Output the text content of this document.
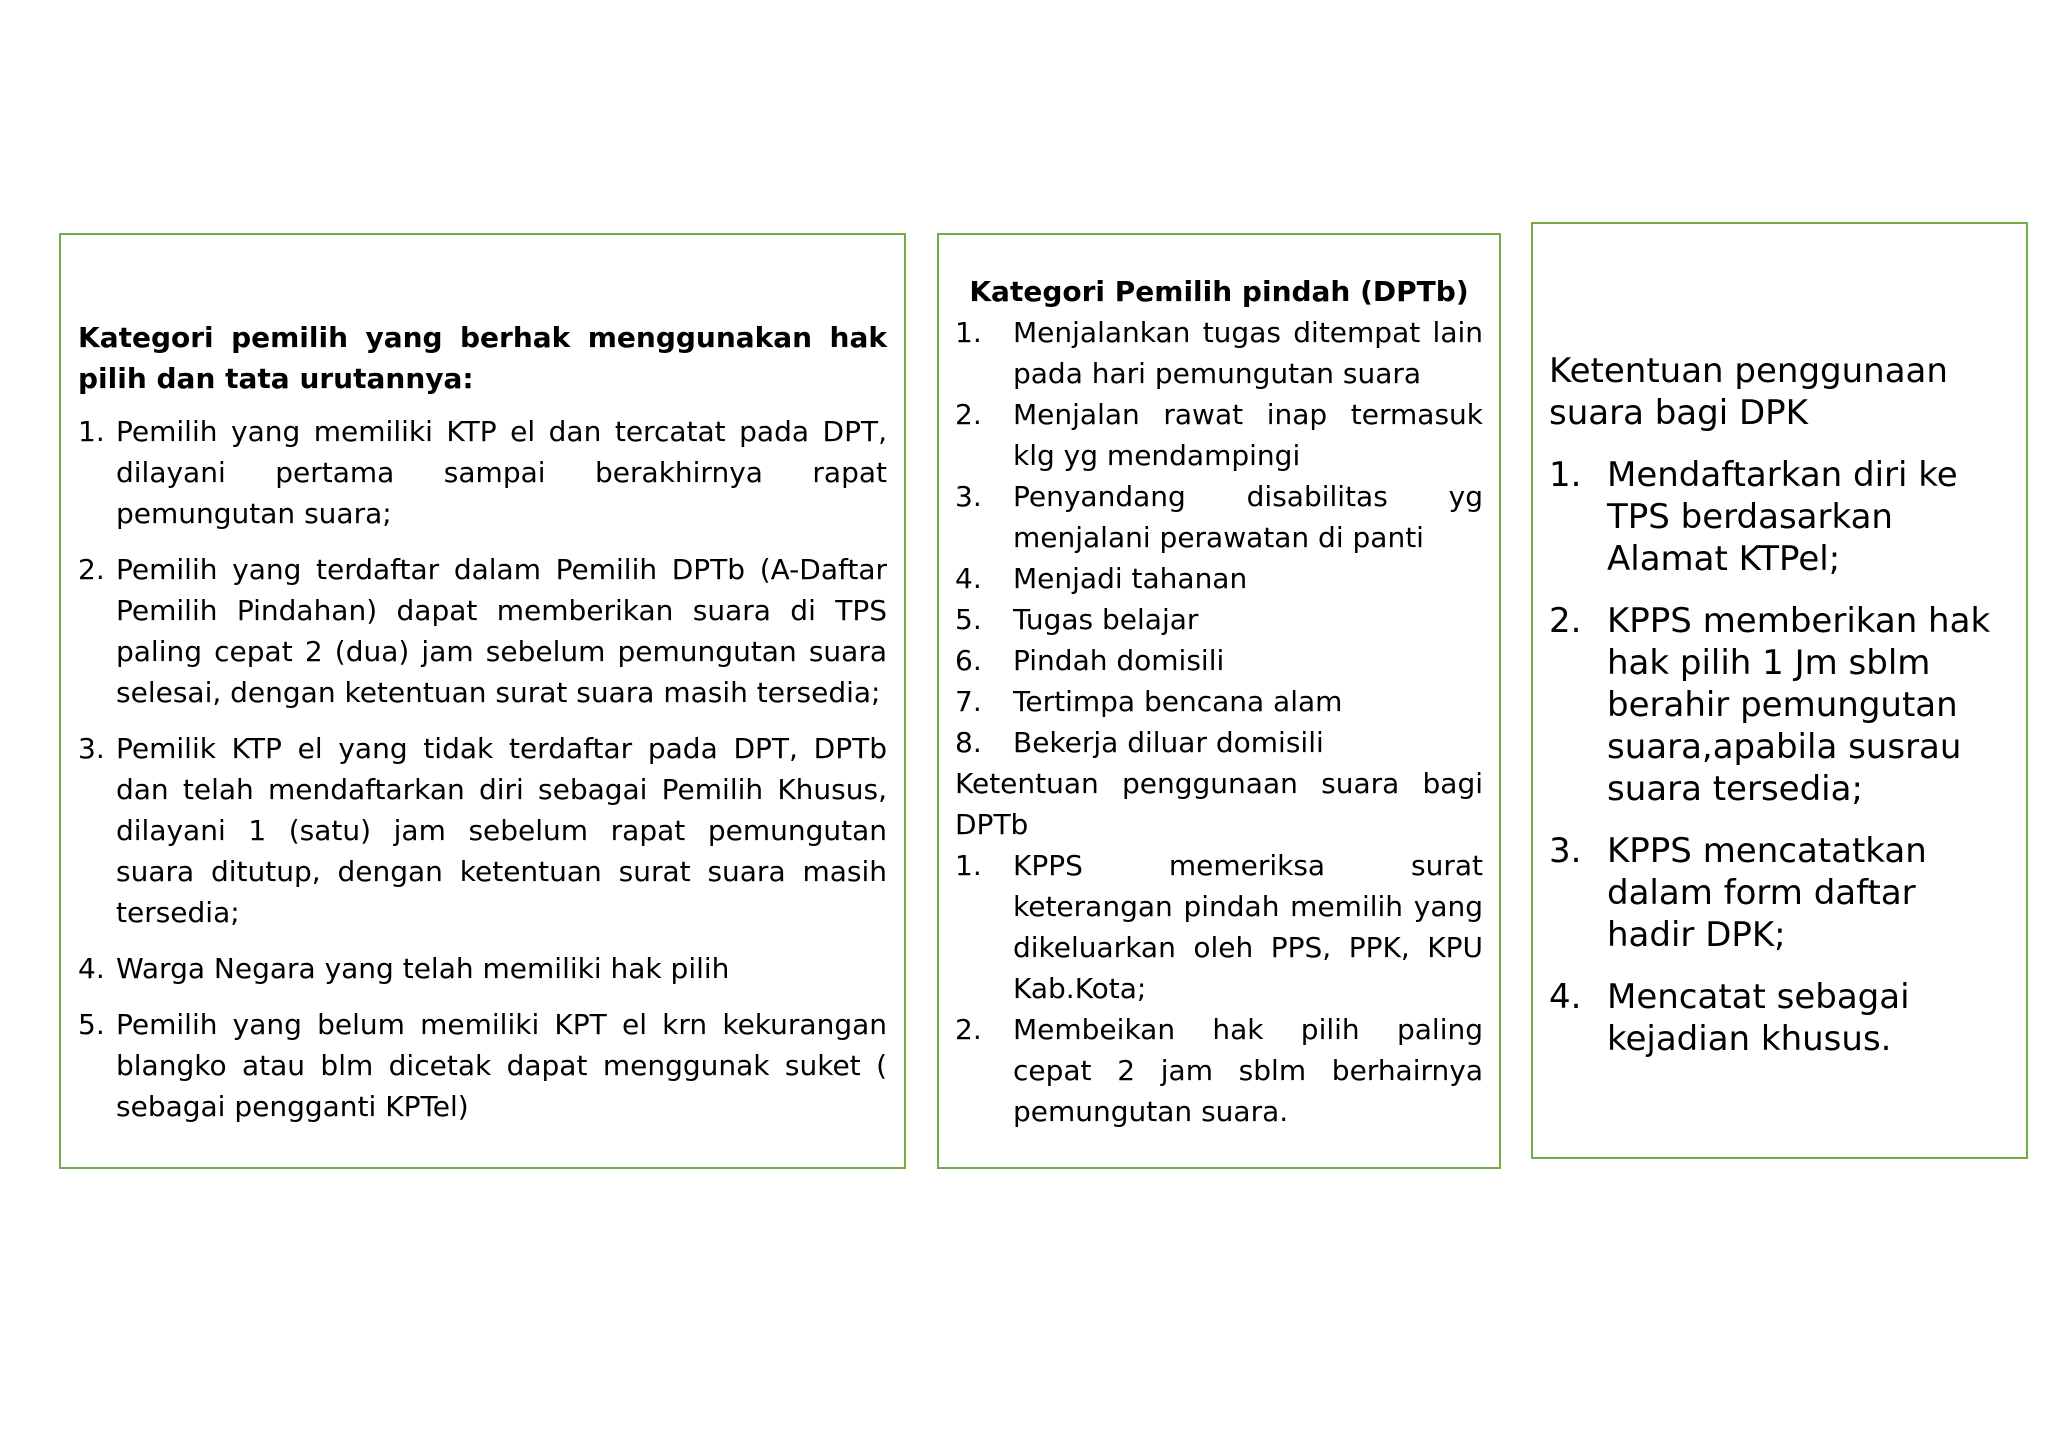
Kategori pemilih yang berhak menggunakan hak pilih dan tata urutannya:
1. Pemilih yang memiliki KTP el dan tercatat pada DPT, dilayani pertama sampai berakhirnya rapat pemungutan suara;
2. Pemilih yang terdaftar dalam Pemilih DPTb (A-Daftar Pemilih Pindahan) dapat memberikan suara di TPS paling cepat 2 (dua) jam sebelum pemungutan suara selesai, dengan ketentuan surat suara masih tersedia;
3. Pemilik KTP el yang tidak terdaftar pada DPT, DPTb dan telah mendaftarkan diri sebagai Pemilih Khusus, dilayani 1 (satu) jam sebelum rapat pemungutan suara ditutup, dengan ketentuan surat suara masih tersedia;
4. Warga Negara yang telah memiliki hak pilih
5. Pemilih yang belum memiliki KPT el krn kekurangan blangko atau blm dicetak dapat menggunak suket ( sebagai pengganti KPTel)
Kategori Pemilih pindah (DPTb)
1.	Menjalankan tugas ditempat lain pada hari pemungutan suara
2.	Menjalan rawat inap termasuk klg yg mendampingi
3.	Penyandang disabilitas yg menjalani perawatan di panti
4.	Menjadi tahanan
5.	Tugas belajar
6.	Pindah domisili
7.	Tertimpa bencana alam
8.	Bekerja diluar domisili
Ketentuan penggunaan suara bagi DPTb
1.	KPPS memeriksa surat keterangan pindah memilih yang dikeluarkan oleh PPS, PPK, KPU Kab.Kota;
2.	Membeikan hak pilih paling cepat 2 jam sblm berhairnya pemungutan suara.
Ketentuan penggunaan suara bagi DPK
1. Mendaftarkan diri ke TPS berdasarkan Alamat KTPel;
2. KPPS memberikan hak hak pilih 1 Jm sblm berahir pemungutan suara,apabila susrau suara tersedia;
3. KPPS mencatatkan dalam form daftar hadir DPK;
4. Mencatat sebagai kejadian khusus.
